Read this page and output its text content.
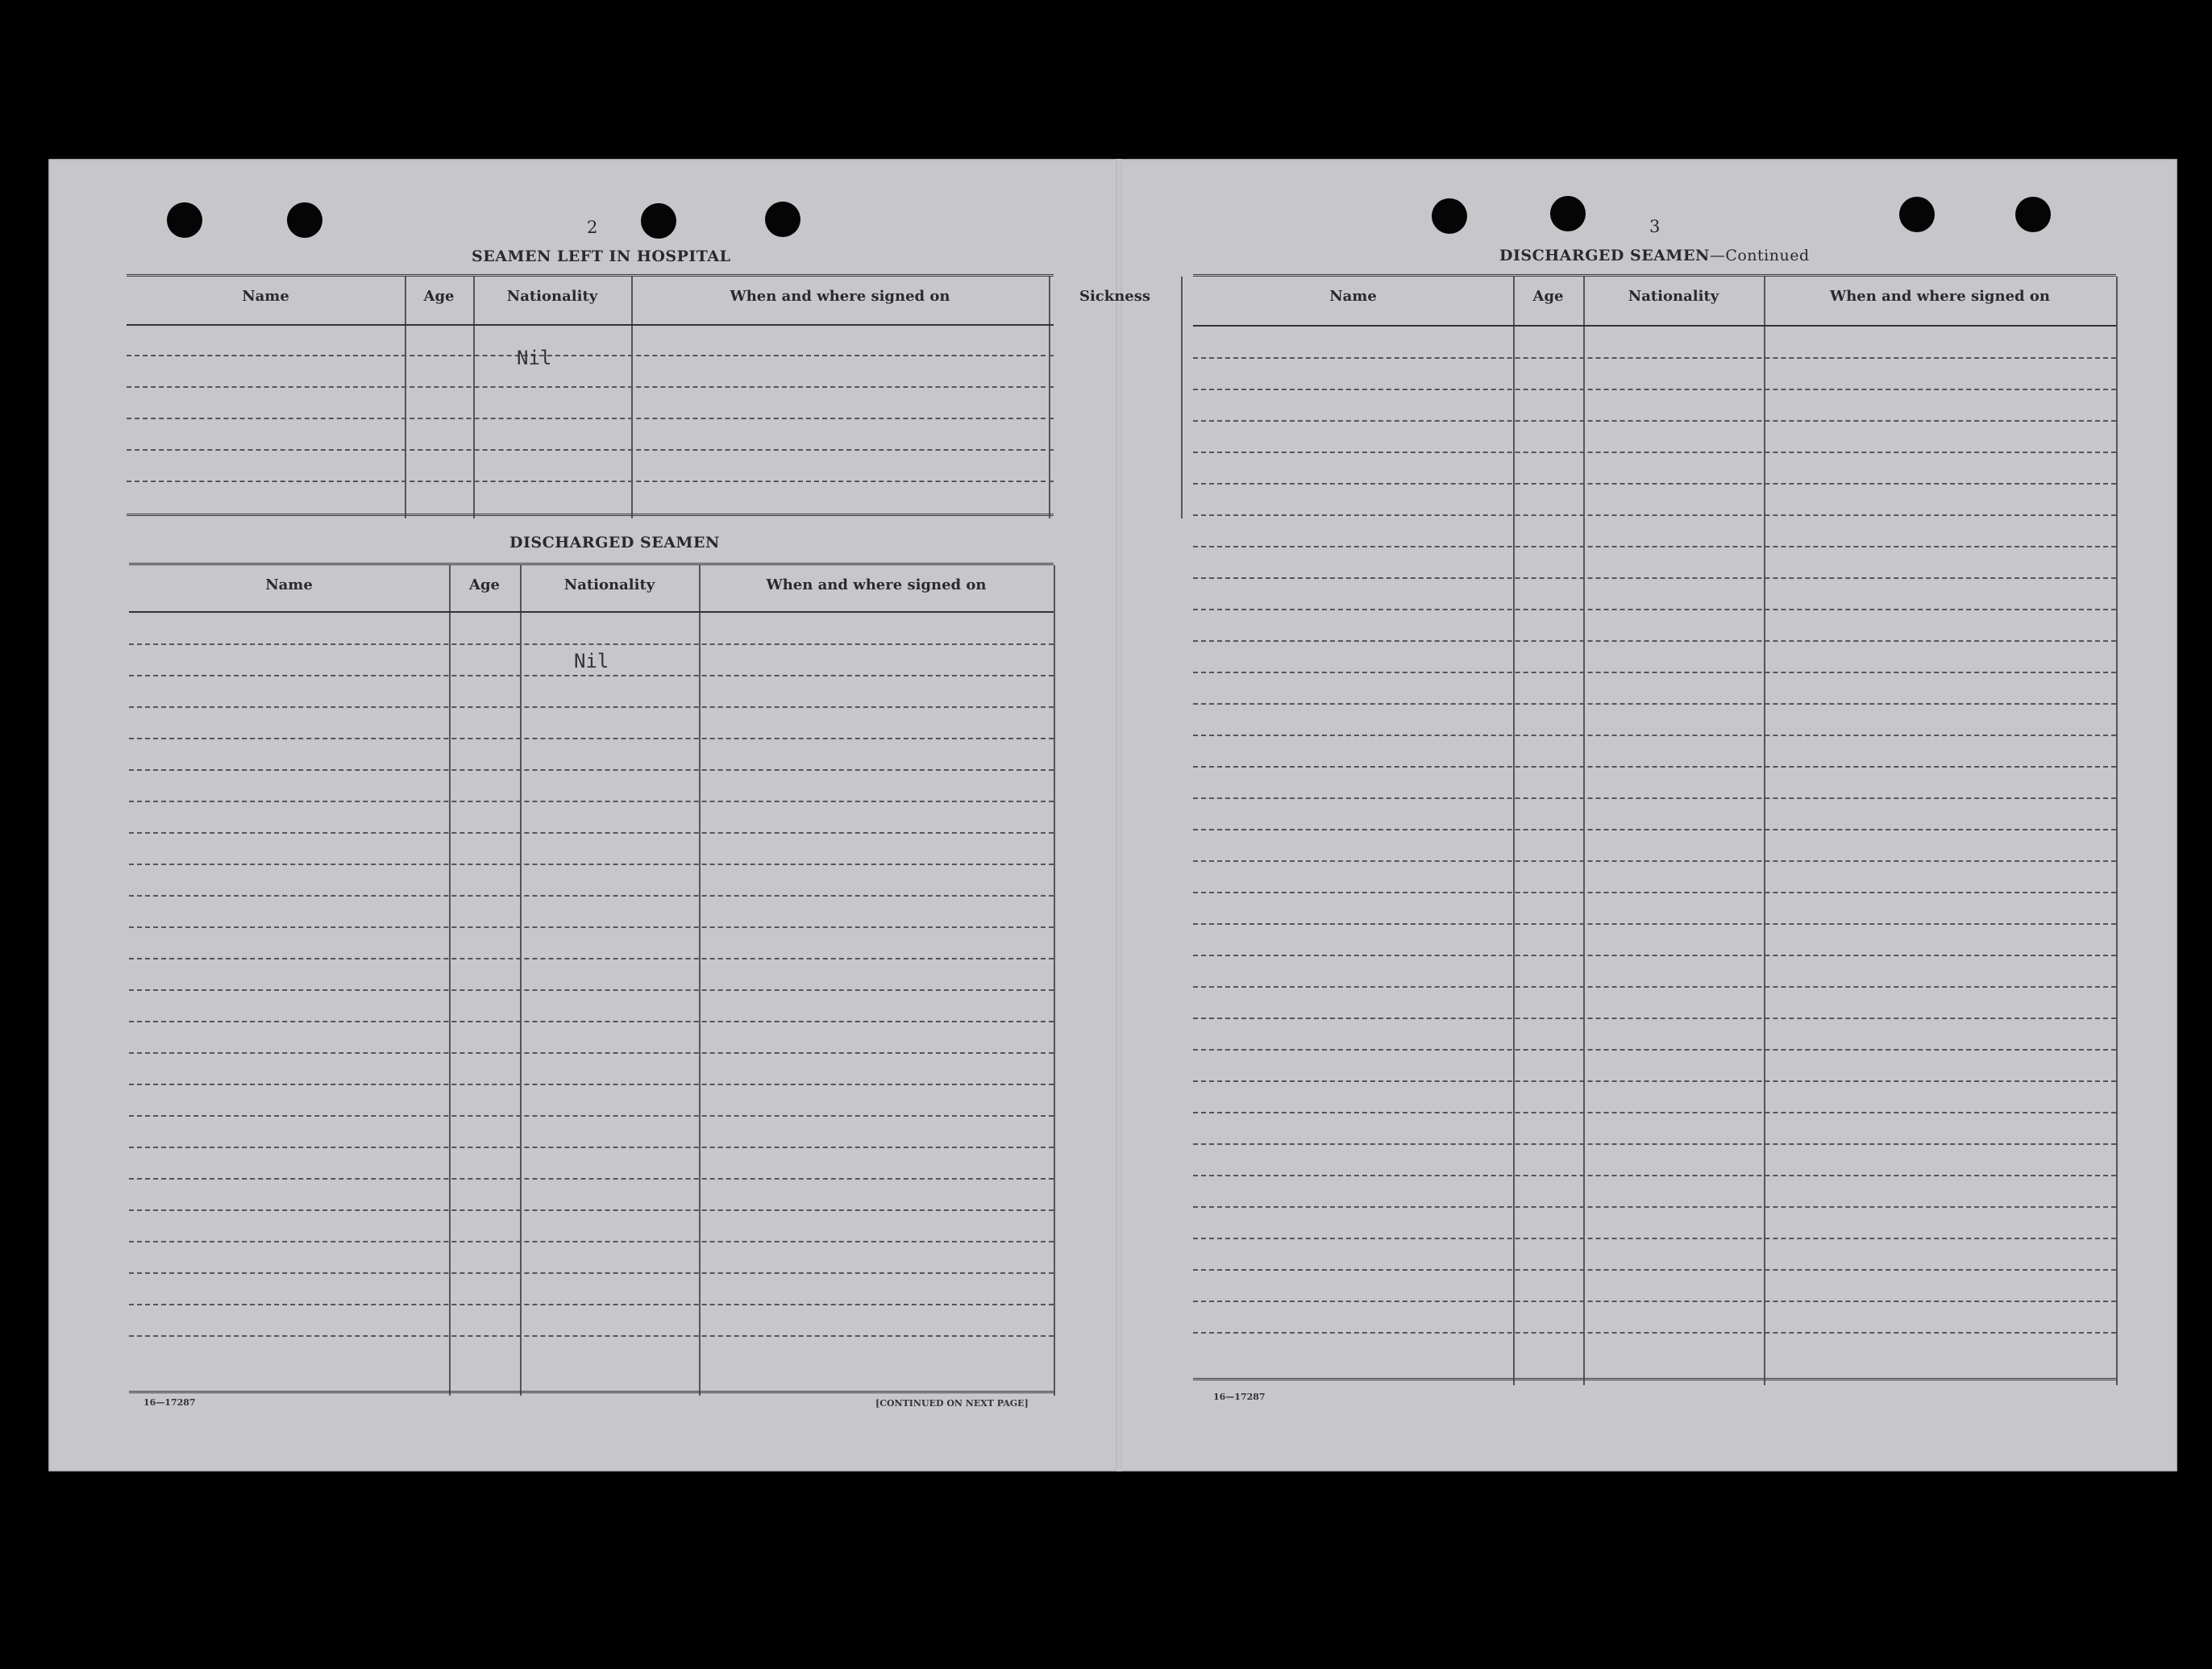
2
SEAMEN LEFT IN HOSPITAL
Name	Age	Nationality	When and where signed on	Sickness
Nil
DISCHARGED SEAMEN
Name	Age	Nationality	When and where signed on
Nil
16—17287	[CONTINUED ON NEXT PAGE]
3
DISCHARGED SEAMEN—Continued
Name	Age	Nationality	When and where signed on
16—17287
